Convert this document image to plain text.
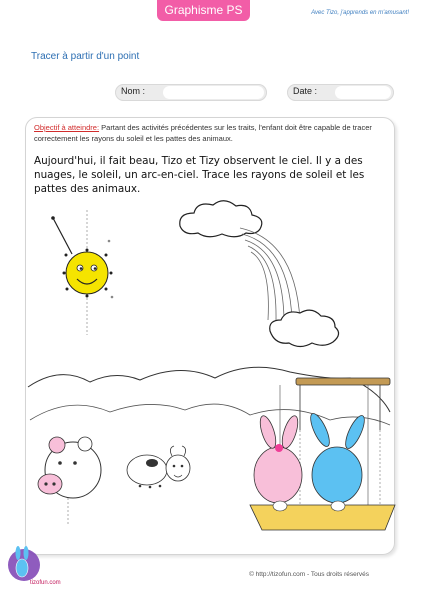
Graphisme PS	Avec Tizo, j'apprends en m'amusant!
Tracer à partir d'un point
Nom :	Date :
Objectif à atteindre: Partant des activités précédentes sur les traits, l'enfant doit être capable de tracer correctement les rayons du soleil et les pattes des animaux.
Aujourd'hui, il fait beau, Tizo et Tizy observent le ciel. Il y a des nuages, le soleil, un arc-en-ciel. Trace les rayons de soleil et les pattes des animaux.
tizofun.com
© http://tizofun.com - Tous droits réservés
